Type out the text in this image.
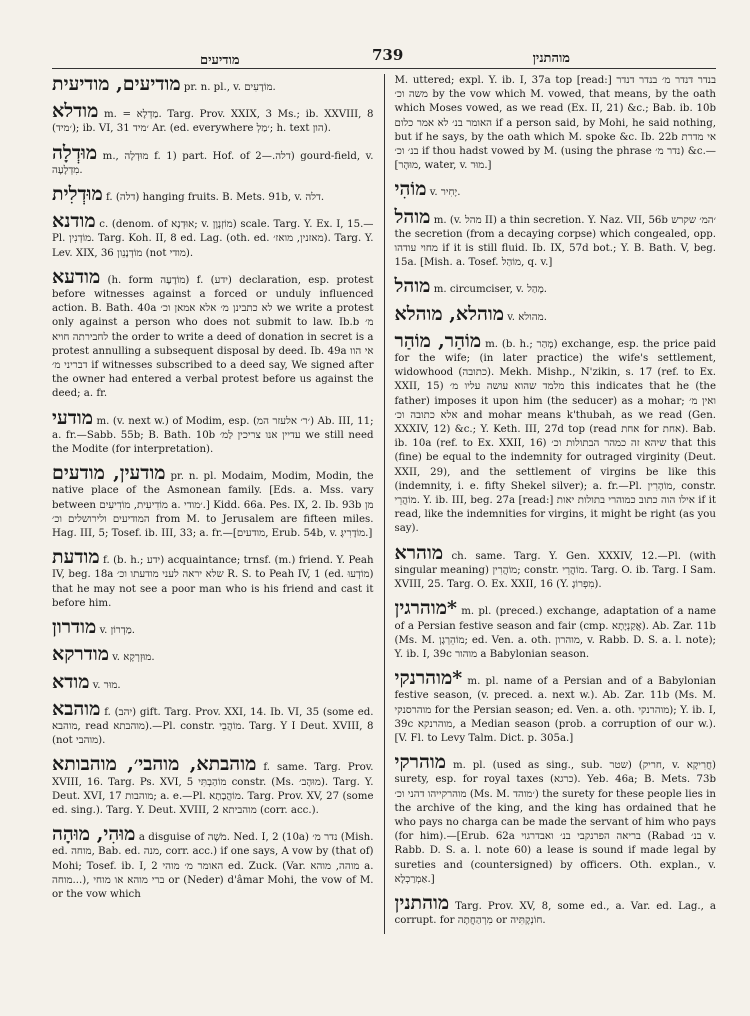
מודיעים	739	מוהתנין

מודיעים, מודיעית pr. n. pl., v. מוֹדָעִים.

מודלא m. = מַדְלָא. Targ. Prov. XXIX, 3 Ms.; ib. XXVIII, 8 (׳מיד); ib. VI, 31 ׳מיד Ar. (ed. everywhere ׳מַלְ; h. text הון).

מוּדְלָה m., מוּדְלָה f. 1) part. Hof. of דלה.—2) gourd-field, v. מִדְלָעָה.

מוּדְלִית f. (דלה) hanging fruits. B. Mets. 91b, v. דלה.

מודנא c. (denom. of אוּדְנָא; v. מוֹזְנָוָן) scale. Targ. Y. Ex. I, 15.—Pl. מוֹדְנִין. Targ. Koh. II, 8 ed. Lag. (oth. ed. מאזנין, מואז׳). Targ. Y. Lev. XIX, 36 מוֹדְנָנֵון (not מודי).

מודעא (h. form מוֹדָעָה) f. (ידע) declaration, esp. protest before witnesses against a forced or unduly influenced action. B. Bath. 40a לא כתבינן מ׳ אלא אמאן וכ׳ we write a protest only against a person who does not submit to law. Ib.b מ׳ לחבירתה חויא the order to write a deed of donation in secret is a protest annulling a subsequent disposal by deed. Ib. 49a אי הוו דבריני מ׳ if witnesses subscribed to a deed say, We signed after the owner had entered a verbal protest before us against the deed; a. fr.

מודעי m. (v. next w.) of Modim, esp. (׳ר׳ אלעזר המ) Ab. III, 11; a. fr.—Sabb. 55b; B. Bath. 10b עדיין אנו צריכין לַמ׳ we still need the Modite (for interpretation).

מודעין, מודעים pr. n. pl. Modaim, Modim, Modin, the native place of the Asmonean family. [Eds. a. Mss. vary between מוֹדִיעִית, מוֹדִיעִים a. ׳מודי.] Kidd. 66a. Pes. IX, 2. Ib. 93b מן המודיעים ולירושלים וכ׳ from M. to Jerusalem are fifteen miles. Hag. III, 5; Tosef. ib. III, 33; a. fr.—[מודעים, Erub. 54b, v. מוֹדָרִיגָּ.]

מודעת f. (b. h.; ידע) acquaintance; trnsf. (m.) friend. Y. Peah IV, beg. 18a שלא יראה לעני מודעתו וכ׳ R. S. to Peah IV, 1 (ed. מוֹדְעוּ) that he may not see a poor man who is his friend and cast it before him.

מודרון v. מַדְרוֹן.

מודרקא v. מוּזְרְקָא.

מודא v. מוּר.

מוהבא f. (יהב) gift. Targ. Prov. XXI, 14. Ib. VI, 35 (some ed. מוהבא, read מוהבתא).—Pl. constr. מוֹהֲבֵי. Targ. Y I Deut. XVIII, 8 (not מוהבי).

מוהבתא, מוהבי׳, מוהבותא f. same. Targ. Prov. XVIII, 16. Targ. Ps. XVI, 5 מוֹהַבְתִּי constr. (Ms. מוּהָב׳). Targ. Y. Deut. XVI, 17 מוהבות; a. e.—Pl. מוֹהֲבָתָא. Targ. Prov. XV, 27 (some ed. sing.). Targ. Y. Deut. XVIII, 2 מוהביתא (corr. acc.).

מוּהִי, מוּהָה a disguise of מֹשֶׁה. Ned. I, 2 (10a) נדר מ׳ (Mish. ed. מוחה, Bab. ed. מנה, corr. acc.) if one says, A vow by (that of) Mohi; Tosef. ib. I, 2 האומר מ׳ מוהי ed. Zuck. (Var. מוהה, מוהא a. מוחה...), ברי מוהא או מוחי or (Neder) d'âmar Mohi, the vow of M. or the vow which

M. uttered; expl. Y. ib. I, 37a top [read:] בנדר דנדר מ׳ בנדר דנדר משה וכ׳ by the vow which M. vowed, that means, by the oath which Moses vowed, as we read (Ex. II, 21) &c.; Bab. ib. 10b האומר בנ׳ לא אמר כלום if a person said, by Mohi, he said nothing, but if he says, by the oath which M. spoke &c. Ib. 22b אי מדרת בנ׳ וכ׳ if thou hadst vowed by M. (using the phrase נדר מ׳) &c.—[מוּהָר, water, v. מוּר.]

מוֹהִי v. יָחִיר.

מוהל m. (v. מהל II) a thin secretion. Y. Naz. VII, 56b ׳המ׳ שקרש the secretion (from a decaying corpse) which congealed, opp. מחוי עודהו if it is still fluid. Ib. IX, 57d bot.; Y. B. Bath. V, beg. 15a. [Mish. a. Tosef. מוֹהַל, q. v.]

מוהל m. circumciser, v. מָהַל.

מוהלא, מוהלא v. מהולא.

מוֹהַר, מוֹהַר m. (b. h.; מָהַר) exchange, esp. the price paid for the wife; (in later practice) the wife's settlement, widowhood (כתובה). Mekh. Mishp., N'zikin, s. 17 (ref. to Ex. XXII, 15) מלמד שהוא עושה עליו מ׳ this indicates that he (the father) imposes it upon him (the seducer) as a mohar; ואין מ׳ אלא כתובה וכ׳ and mohar means k'thubah, as we read (Gen. XXXIV, 12) &c.; Y. Keth. III, 27d top (read אחת for אחת). Bab. ib. 10a (ref. to Ex. XXII, 16) שיהא זה כמהר הבתולות וכ׳ that this (fine) be equal to the indemnity for outraged virginity (Deut. XXII, 29), and the settlement of virgins be like this (indemnity, i. e. fifty Shekel silver); a. fr.—Pl. מוֹהָרִין, constr. מוֹהֲרֵי. Y. ib. III, beg. 27a [read:] אילו הוה כתוב כמוהרי בתולות יאות if it read, like the indemnities for virgins, it might be right (as you say).

מוהרא ch. same. Targ. Y. Gen. XXXIV, 12.—Pl. (with singular meaning) מוֹהֲרִין; constr. מוֹהֲרֵי. Targ. O. ib. Targ. I Sam. XVIII, 25. Targ. O. Ex. XXII, 16 (Y. מִפְרוֹגָ).

*מוהרגין m. pl. (preced.) exchange, adaptation of a name of a Persian festive season and fair (cmp. אֲקַנְיָתָא). Ab. Zar. 11b (Ms. M. מוֹהֵרְגָן; ed. Ven. a. oth. מוהרון, v. Rabb. D. S. a. l. note); Y. ib. I, 39c מוהור a Babylonian season.

*מוהרנקי m. pl. name of a Persian and of a Babylonian festive season, (v. preced. a. next w.). Ab. Zar. 11b (Ms. M. מוהרסנקי for the Persian season; ed. Ven. a. oth. מוהרנקי); Y. ib. I, 39c מוהרנקא, a Median season (prob. a corruption of our w.). [V. Fl. to Levy Talm. Dict. p. 305a.]

מוהרקי m. pl. (used as sing., sub. שטר) (חריק, v. חֲרִיקָא) surety, esp. for royal taxes (כרגא). Yeb. 46a; B. Mets. 73b מוהרקייהו דהני וכ׳ (Ms. M. ׳מוהד) the surety for these people lies in the archive of the king, and the king has ordained that he who pays no charga can be made the servant of him who pays (for him).—[Erub. 62a בריאה הפרנקבי בנ׳ ואבדרגוי (Rabad בנ׳ v. Rabb. D. S. a. l. note 60) a lease is sound if made legal by sureties and (countersigned) by officers. Oth. explan., v. אַמְרַכְלָא.]

מוהתנין Targ. Prov. XV, 8, some ed., a. Var. ed. Lag., a corrupt. for מִרְהַחֲתָה or חוֹנְקָתִּיה.
